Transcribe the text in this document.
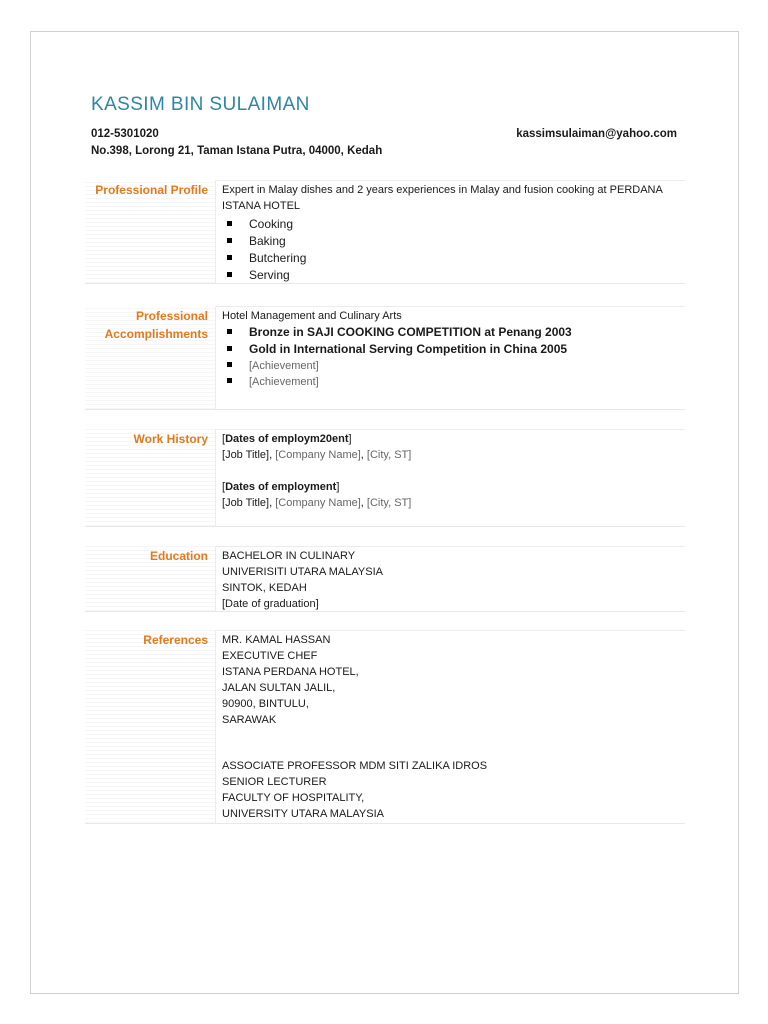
KASSIM BIN SULAIMAN
012-5301020	kassimsulaiman@yahoo.com
No.398, Lorong 21, Taman Istana Putra, 04000, Kedah
Professional Profile Expert in Malay dishes and 2 years experiences in Malay and fusion cooking at PERDANA ISTANA HOTEL
Cooking
Baking
Butchering
Serving
Professional
Accomplishments
Hotel Management and Culinary Arts
Bronze in SAJI COOKING COMPETITION at Penang 2003
Gold in International Serving Competition in China 2005
[Achievement]
[Achievement]
Work History [Dates of employm20ent]
[Job Title], [Company Name], [City, ST]
[Dates of employment]
[Job Title], [Company Name], [City, ST]
Education BACHELOR IN CULINARY
UNIVERISITI UTARA MALAYSIA
SINTOK, KEDAH
[Date of graduation]
References MR. KAMAL HASSAN
EXECUTIVE CHEF
ISTANA PERDANA HOTEL,
JALAN SULTAN JALIL,
90900, BINTULU,
SARAWAK
ASSOCIATE PROFESSOR MDM SITI ZALIKA IDROS
SENIOR LECTURER
FACULTY OF HOSPITALITY,
UNIVERSITY UTARA MALAYSIA
